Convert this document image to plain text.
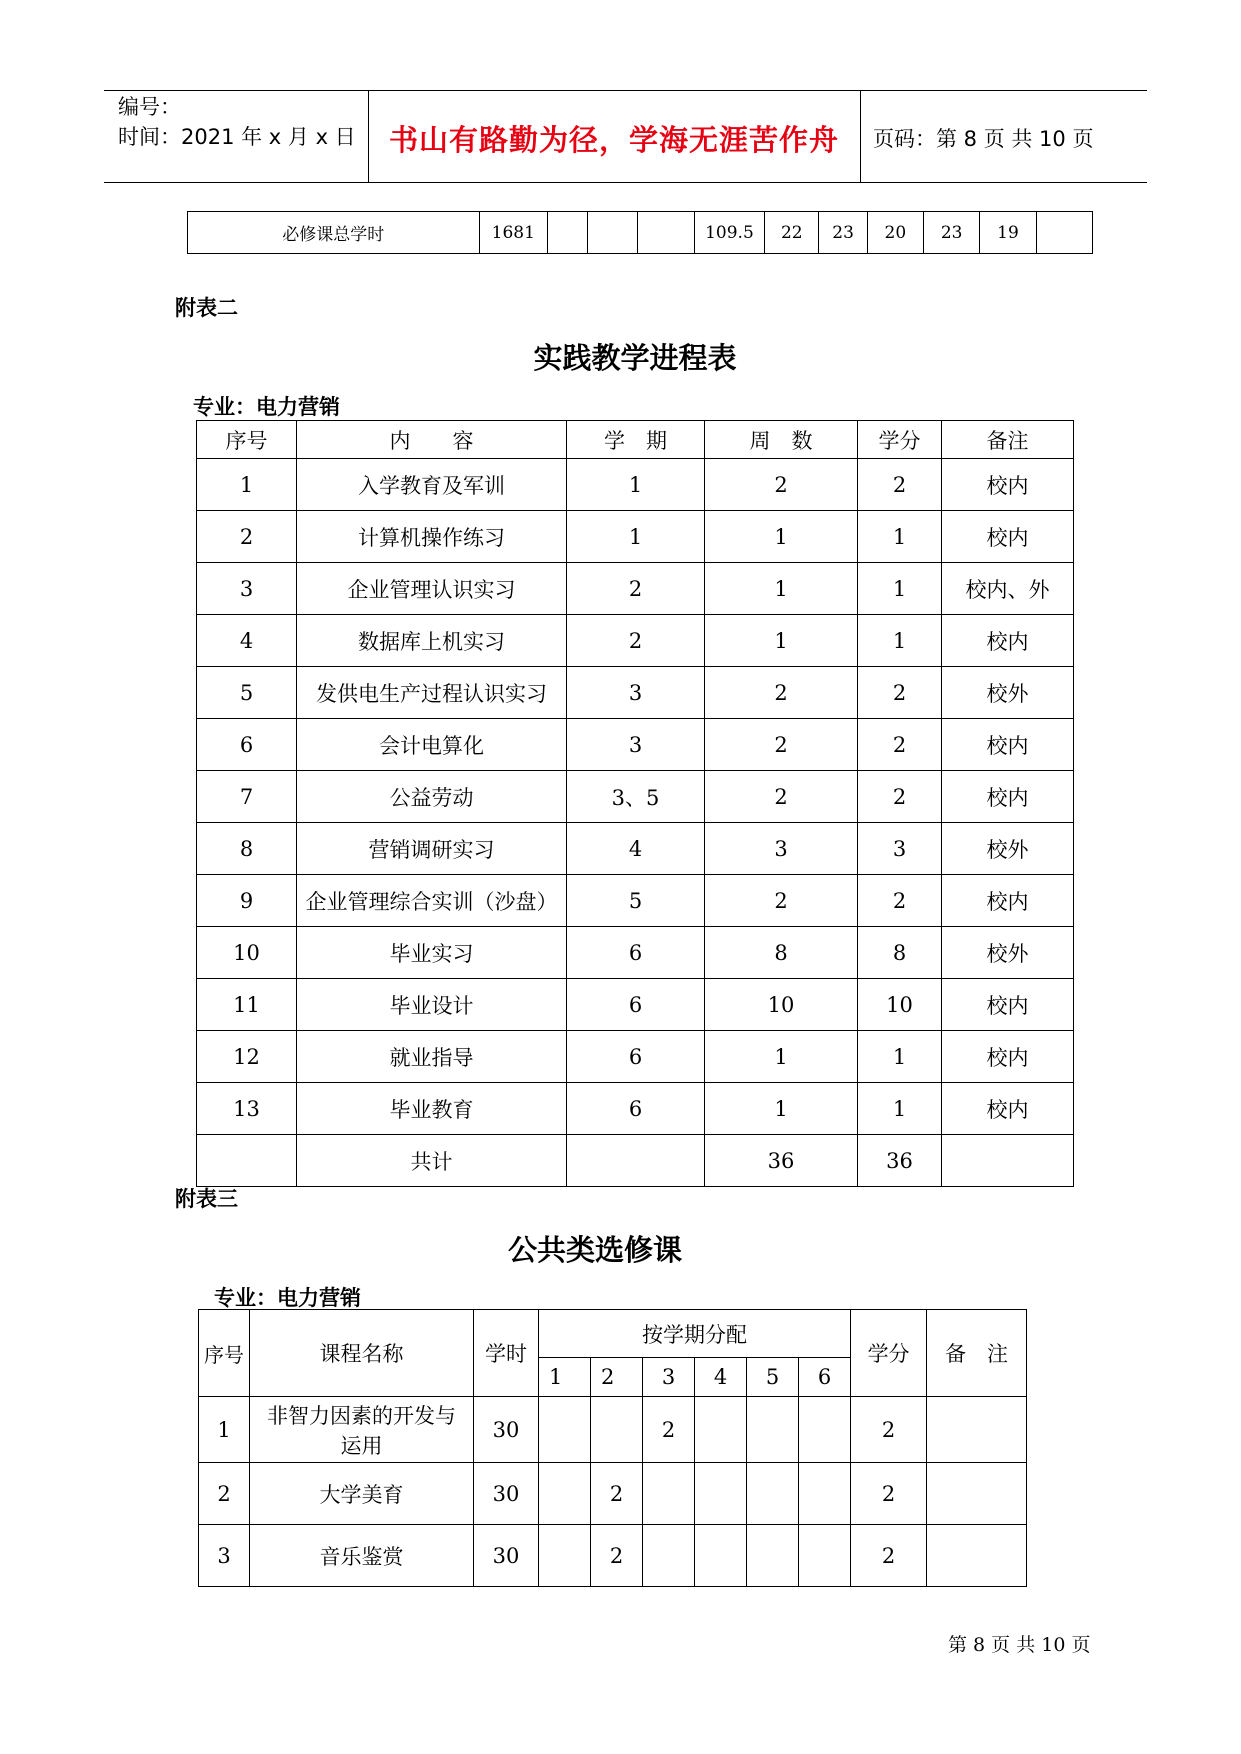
编号：
时间：2021 年 x 月 x 日	书山有路勤为径，学海无涯苦作舟	页码：第 8 页 共 10 页
必修课总学时	1681				109.5	22	23	20	23	19	
附表二
实践教学进程表
专业：电力营销
序号	内　　容	学　期	周　数	学分	备注
1	入学教育及军训	1	2	2	校内
2	计算机操作练习	1	1	1	校内
3	企业管理认识实习	2	1	1	校内、外
4	数据库上机实习	2	1	1	校内
5	发供电生产过程认识实习	3	2	2	校外
6	会计电算化	3	2	2	校内
7	公益劳动	3、5	2	2	校内
8	营销调研实习	4	3	3	校外
9	企业管理综合实训（沙盘）	5	2	2	校内
10	毕业实习	6	8	8	校外
11	毕业设计	6	10	10	校内
12	就业指导	6	1	1	校内
13	毕业教育	6	1	1	校内
	共计		36	36	
附表三
公共类选修课
专业：电力营销
序号	课程名称	学时	按学期分配						学分	备　注
			1	2	3	4	5	6		
1	非智力因素的开发与运用	30			2				2	
2	大学美育	30		2					2	
3	音乐鉴赏	30		2					2	
第 8 页 共 10 页
